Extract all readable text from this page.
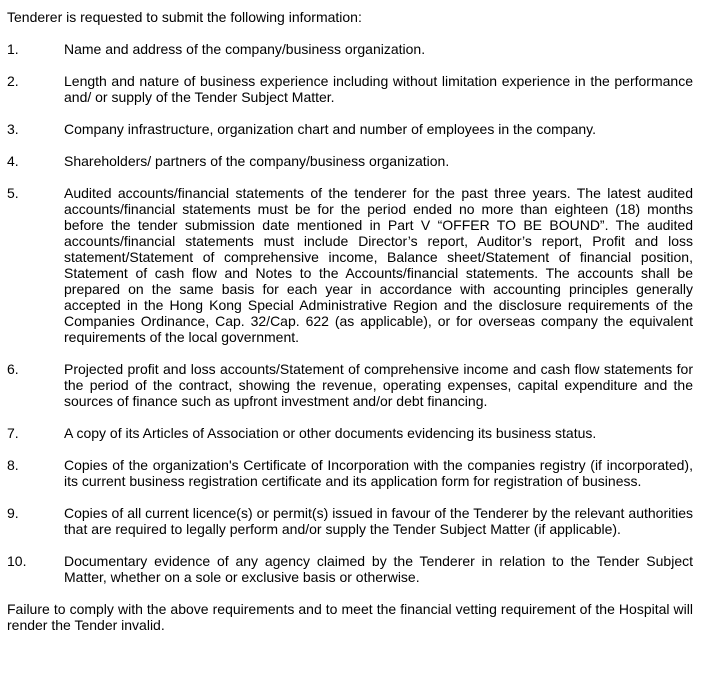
Tenderer is requested to submit the following information:

1.	Name and address of the company/business organization.
2.	Length and nature of business experience including without limitation experience in the performance and/ or supply of the Tender Subject Matter.
3.	Company infrastructure, organization chart and number of employees in the company.
4.	Shareholders/ partners of the company/business organization.
5.	Audited accounts/financial statements of the tenderer for the past three years. The latest audited accounts/financial statements must be for the period ended no more than eighteen (18) months before the tender submission date mentioned in Part V “OFFER TO BE BOUND”. The audited accounts/financial statements must include Director’s report, Auditor’s report, Profit and loss statement/Statement of comprehensive income, Balance sheet/Statement of financial position, Statement of cash flow and Notes to the Accounts/financial statements. The accounts shall be prepared on the same basis for each year in accordance with accounting principles generally accepted in the Hong Kong Special Administrative Region and the disclosure requirements of the Companies Ordinance, Cap. 32/Cap. 622 (as applicable), or for overseas company the equivalent requirements of the local government.
6.	Projected profit and loss accounts/Statement of comprehensive income and cash flow statements for the period of the contract, showing the revenue, operating expenses, capital expenditure and the sources of finance such as upfront investment and/or debt financing.
7.	A copy of its Articles of Association or other documents evidencing its business status.
8.	Copies of the organization's Certificate of Incorporation with the companies registry (if incorporated), its current business registration certificate and its application form for registration of business.
9.	Copies of all current licence(s) or permit(s) issued in favour of the Tenderer by the relevant authorities that are required to legally perform and/or supply the Tender Subject Matter (if applicable).
10.	Documentary evidence of any agency claimed by the Tenderer in relation to the Tender Subject Matter, whether on a sole or exclusive basis or otherwise.

Failure to comply with the above requirements and to meet the financial vetting requirement of the Hospital will render the Tender invalid.
